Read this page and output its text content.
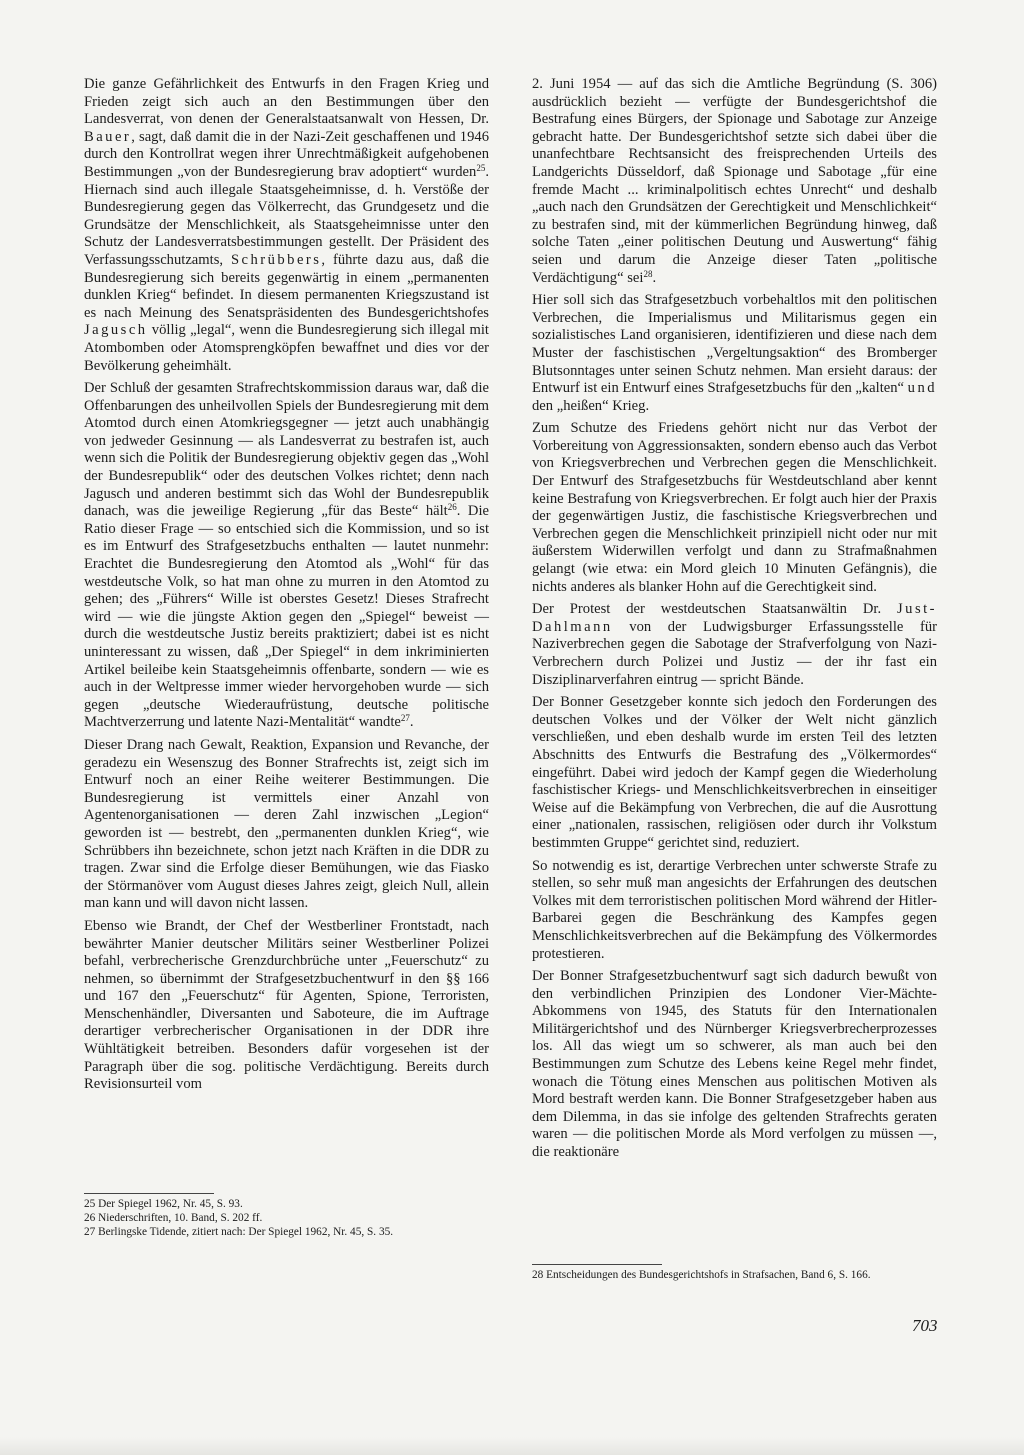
Die ganze Gefährlichkeit des Entwurfs in den Fragen Krieg und Frieden zeigt sich auch an den Bestimmungen über den Landesverrat, von denen der Generalstaatsanwalt von Hessen, Dr. Bauer, sagt, daß damit die in der Nazi-Zeit geschaffenen und 1946 durch den Kontrollrat wegen ihrer Unrechtmäßigkeit aufgehobenen Bestimmungen „von der Bundesregierung brav adoptiert“ wurden$^{25}$. Hiernach sind auch illegale Staatsgeheimnisse, d. h. Verstöße der Bundesregierung gegen das Völkerrecht, das Grundgesetz und die Grundsätze der Menschlichkeit, als Staatsgeheimnisse unter den Schutz der Landesverratsbestimmungen gestellt. Der Präsident des Verfassungsschutzamts, Schrübbers, führte dazu aus, daß die Bundesregierung sich bereits gegenwärtig in einem „permanenten dunklen Krieg“ befindet. In diesem permanenten Kriegszustand ist es nach Meinung des Senatspräsidenten des Bundesgerichtshofes Jagusch völlig „legal“, wenn die Bundesregierung sich illegal mit Atombomben oder Atomsprengköpfen bewaffnet und dies vor der Bevölkerung geheimhält.

Der Schluß der gesamten Strafrechtskommission daraus war, daß die Offenbarungen des unheilvollen Spiels der Bundesregierung mit dem Atomtod durch einen Atomkriegsgegner — jetzt auch unabhängig von jedweder Gesinnung — als Landesverrat zu bestrafen ist, auch wenn sich die Politik der Bundesregierung objektiv gegen das „Wohl der Bundesrepublik“ oder des deutschen Volkes richtet; denn nach Jagusch und anderen bestimmt sich das Wohl der Bundesrepublik danach, was die jeweilige Regierung „für das Beste“ hält$^{26}$. Die Ratio dieser Frage — so entschied sich die Kommission, und so ist es im Entwurf des Strafgesetzbuchs enthalten — lautet nunmehr: Erachtet die Bundesregierung den Atomtod als „Wohl“ für das westdeutsche Volk, so hat man ohne zu murren in den Atomtod zu gehen; des „Führers“ Wille ist oberstes Gesetz! Dieses Strafrecht wird — wie die jüngste Aktion gegen den „Spiegel“ beweist — durch die westdeutsche Justiz bereits praktiziert; dabei ist es nicht uninteressant zu wissen, daß „Der Spiegel“ in dem inkriminierten Artikel beileibe kein Staatsgeheimnis offenbarte, sondern — wie es auch in der Weltpresse immer wieder hervorgehoben wurde — sich gegen „deutsche Wiederaufrüstung, deutsche politische Machtverzerrung und latente Nazi-Mentalität“ wandte$^{27}$.

Dieser Drang nach Gewalt, Reaktion, Expansion und Revanche, der geradezu ein Wesenszug des Bonner Strafrechts ist, zeigt sich im Entwurf noch an einer Reihe weiterer Bestimmungen. Die Bundesregierung ist vermittels einer Anzahl von Agentenorganisationen — deren Zahl inzwischen „Legion“ geworden ist — bestrebt, den „permanenten dunklen Krieg“, wie Schrübbers ihn bezeichnete, schon jetzt nach Kräften in die DDR zu tragen. Zwar sind die Erfolge dieser Bemühungen, wie das Fiasko der Störmanöver vom August dieses Jahres zeigt, gleich Null, allein man kann und will davon nicht lassen.

Ebenso wie Brandt, der Chef der Westberliner Frontstadt, nach bewährter Manier deutscher Militärs seiner Westberliner Polizei befahl, verbrecherische Grenzdurchbrüche unter „Feuerschutz“ zu nehmen, so übernimmt der Strafgesetzbuchentwurf in den §§ 166 und 167 den „Feuerschutz“ für Agenten, Spione, Terroristen, Menschenhändler, Diversanten und Saboteure, die im Auftrage derartiger verbrecherischer Organisationen in der DDR ihre Wühltätigkeit betreiben. Besonders dafür vorgesehen ist der Paragraph über die sog. politische Verdächtigung. Bereits durch Revisionsurteil vom

2. Juni 1954 — auf das sich die Amtliche Begründung (S. 306) ausdrücklich bezieht — verfügte der Bundesgerichtshof die Bestrafung eines Bürgers, der Spionage und Sabotage zur Anzeige gebracht hatte. Der Bundesgerichtshof setzte sich dabei über die unanfechtbare Rechtsansicht des freisprechenden Urteils des Landgerichts Düsseldorf, daß Spionage und Sabotage „für eine fremde Macht ... kriminalpolitisch echtes Unrecht“ und deshalb „auch nach den Grundsätzen der Gerechtigkeit und Menschlichkeit“ zu bestrafen sind, mit der kümmerlichen Begründung hinweg, daß solche Taten „einer politischen Deutung und Auswertung“ fähig seien und darum die Anzeige dieser Taten „politische Verdächtigung“ sei$^{28}$.

Hier soll sich das Strafgesetzbuch vorbehaltlos mit den politischen Verbrechen, die Imperialismus und Militarismus gegen ein sozialistisches Land organisieren, identifizieren und diese nach dem Muster der faschistischen „Vergeltungsaktion“ des Bromberger Blutsonntages unter seinen Schutz nehmen. Man ersieht daraus: der Entwurf ist ein Entwurf eines Strafgesetzbuchs für den „kalten“ und den „heißen“ Krieg.

Zum Schutze des Friedens gehört nicht nur das Verbot der Vorbereitung von Aggressionsakten, sondern ebenso auch das Verbot von Kriegsverbrechen und Verbrechen gegen die Menschlichkeit. Der Entwurf des Strafgesetzbuchs für Westdeutschland aber kennt keine Bestrafung von Kriegsverbrechen. Er folgt auch hier der Praxis der gegenwärtigen Justiz, die faschistische Kriegsverbrechen und Verbrechen gegen die Menschlichkeit prinzipiell nicht oder nur mit äußerstem Widerwillen verfolgt und dann zu Strafmaßnahmen gelangt (wie etwa: ein Mord gleich 10 Minuten Gefängnis), die nichts anderes als blanker Hohn auf die Gerechtigkeit sind.

Der Protest der westdeutschen Staatsanwältin Dr. Just-Dahlmann von der Ludwigsburger Erfassungsstelle für Naziverbrechen gegen die Sabotage der Strafverfolgung von Nazi-Verbrechern durch Polizei und Justiz — der ihr fast ein Disziplinarverfahren eintrug — spricht Bände.

Der Bonner Gesetzgeber konnte sich jedoch den Forderungen des deutschen Volkes und der Völker der Welt nicht gänzlich verschließen, und eben deshalb wurde im ersten Teil des letzten Abschnitts des Entwurfs die Bestrafung des „Völkermordes“ eingeführt. Dabei wird jedoch der Kampf gegen die Wiederholung faschistischer Kriegs- und Menschlichkeitsverbrechen in einseitiger Weise auf die Bekämpfung von Verbrechen, die auf die Ausrottung einer „nationalen, rassischen, religiösen oder durch ihr Volkstum bestimmten Gruppe“ gerichtet sind, reduziert.

So notwendig es ist, derartige Verbrechen unter schwerste Strafe zu stellen, so sehr muß man angesichts der Erfahrungen des deutschen Volkes mit dem terroristischen politischen Mord während der Hitler-Barbarei gegen die Beschränkung des Kampfes gegen Menschlichkeitsverbrechen auf die Bekämpfung des Völkermordes protestieren.

Der Bonner Strafgesetzbuchentwurf sagt sich dadurch bewußt von den verbindlichen Prinzipien des Londoner Vier-Mächte-Abkommens von 1945, des Statuts für den Internationalen Militärgerichtshof und des Nürnberger Kriegsverbrecherprozesses los. All das wiegt um so schwerer, als man auch bei den Bestimmungen zum Schutze des Lebens keine Regel mehr findet, wonach die Tötung eines Menschen aus politischen Motiven als Mord bestraft werden kann. Die Bonner Strafgesetzgeber haben aus dem Dilemma, in das sie infolge des geltenden Strafrechts geraten waren — die politischen Morde als Mord verfolgen zu müssen —, die reaktionäre

25 Der Spiegel 1962, Nr. 45, S. 93.

26 Niederschriften, 10. Band, S. 202 ff.

27 Berlingske Tidende, zitiert nach: Der Spiegel 1962, Nr. 45, S. 35.

28 Entscheidungen des Bundesgerichtshofs in Strafsachen, Band 6, S. 166.

703
